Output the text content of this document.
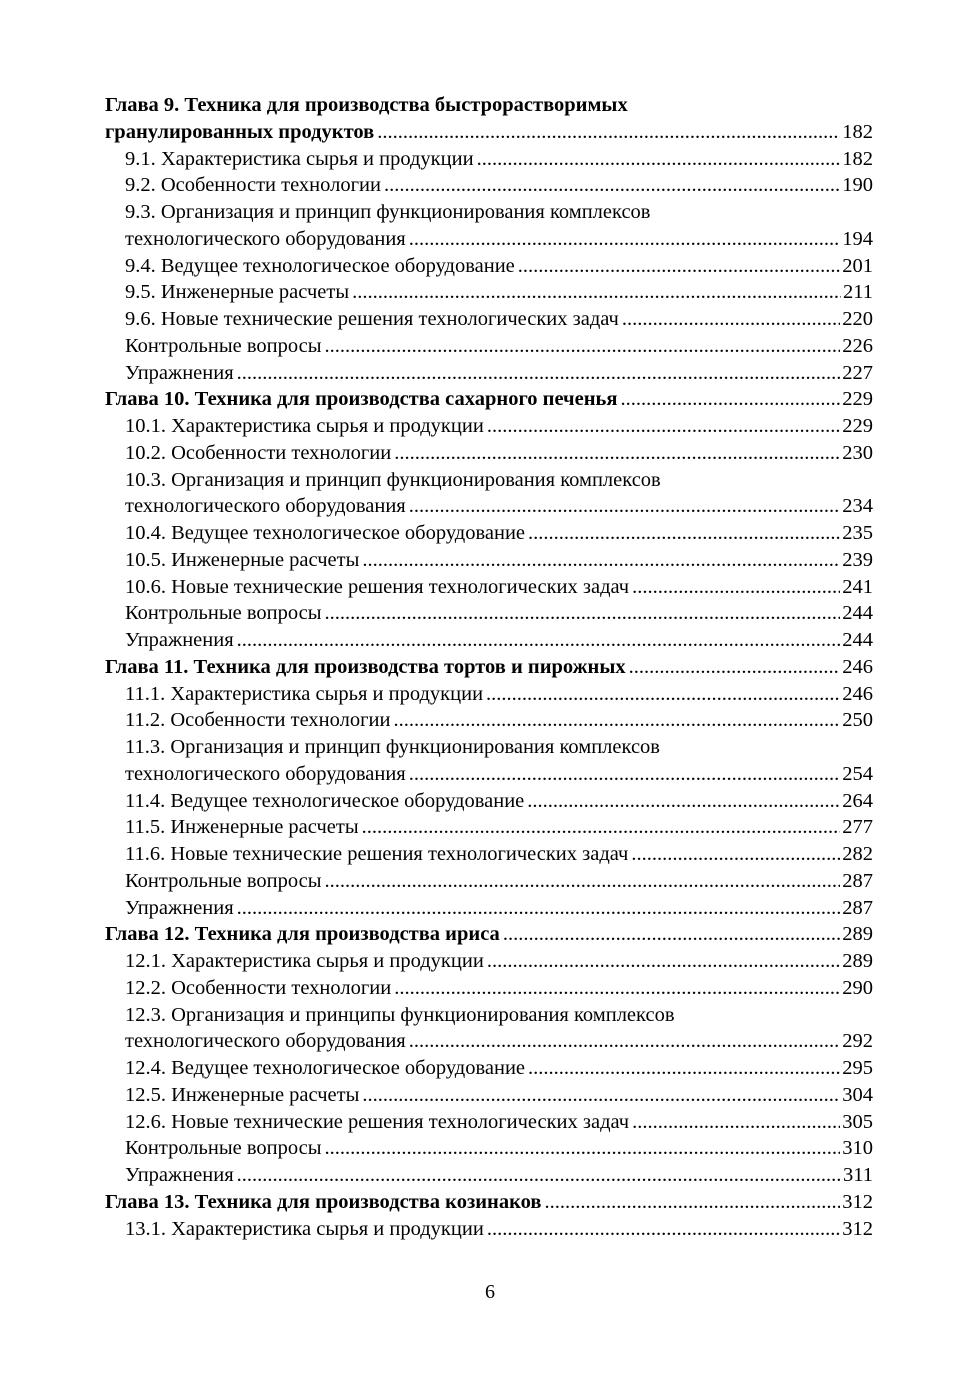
Глава 9. Техника для производства быстрорастворимых
гранулированных продуктов .....	182
9.1. Характеристика сырья и продукции .....	182
9.2. Особенности технологии .....	190
9.3. Организация и принцип функционирования комплексов
технологического оборудования .....	194
9.4. Ведущее технологическое оборудование .....	201
9.5. Инженерные расчеты .....	211
9.6. Новые технические решения технологических задач .....	220
Контрольные вопросы .....	226
Упражнения .....	227
Глава 10. Техника для производства сахарного печенья .....	229
10.1. Характеристика сырья и продукции .....	229
10.2. Особенности технологии .....	230
10.3. Организация и принцип функционирования комплексов
технологического оборудования .....	234
10.4. Ведущее технологическое оборудование .....	235
10.5. Инженерные расчеты .....	239
10.6. Новые технические решения технологических задач .....	241
Контрольные вопросы .....	244
Упражнения .....	244
Глава 11. Техника для производства тортов и пирожных .....	246
11.1. Характеристика сырья и продукции .....	246
11.2. Особенности технологии .....	250
11.3. Организация и принцип функционирования комплексов
технологического оборудования .....	254
11.4. Ведущее технологическое оборудование .....	264
11.5. Инженерные расчеты .....	277
11.6. Новые технические решения технологических задач .....	282
Контрольные вопросы .....	287
Упражнения .....	287
Глава 12. Техника для производства ириса .....	289
12.1. Характеристика сырья и продукции .....	289
12.2. Особенности технологии .....	290
12.3. Организация и принципы функционирования комплексов
технологического оборудования .....	292
12.4. Ведущее технологическое оборудование .....	295
12.5. Инженерные расчеты .....	304
12.6. Новые технические решения технологических задач .....	305
Контрольные вопросы .....	310
Упражнения .....	311
Глава 13. Техника для производства козинаков .....	312
13.1. Характеристика сырья и продукции .....	312
6
